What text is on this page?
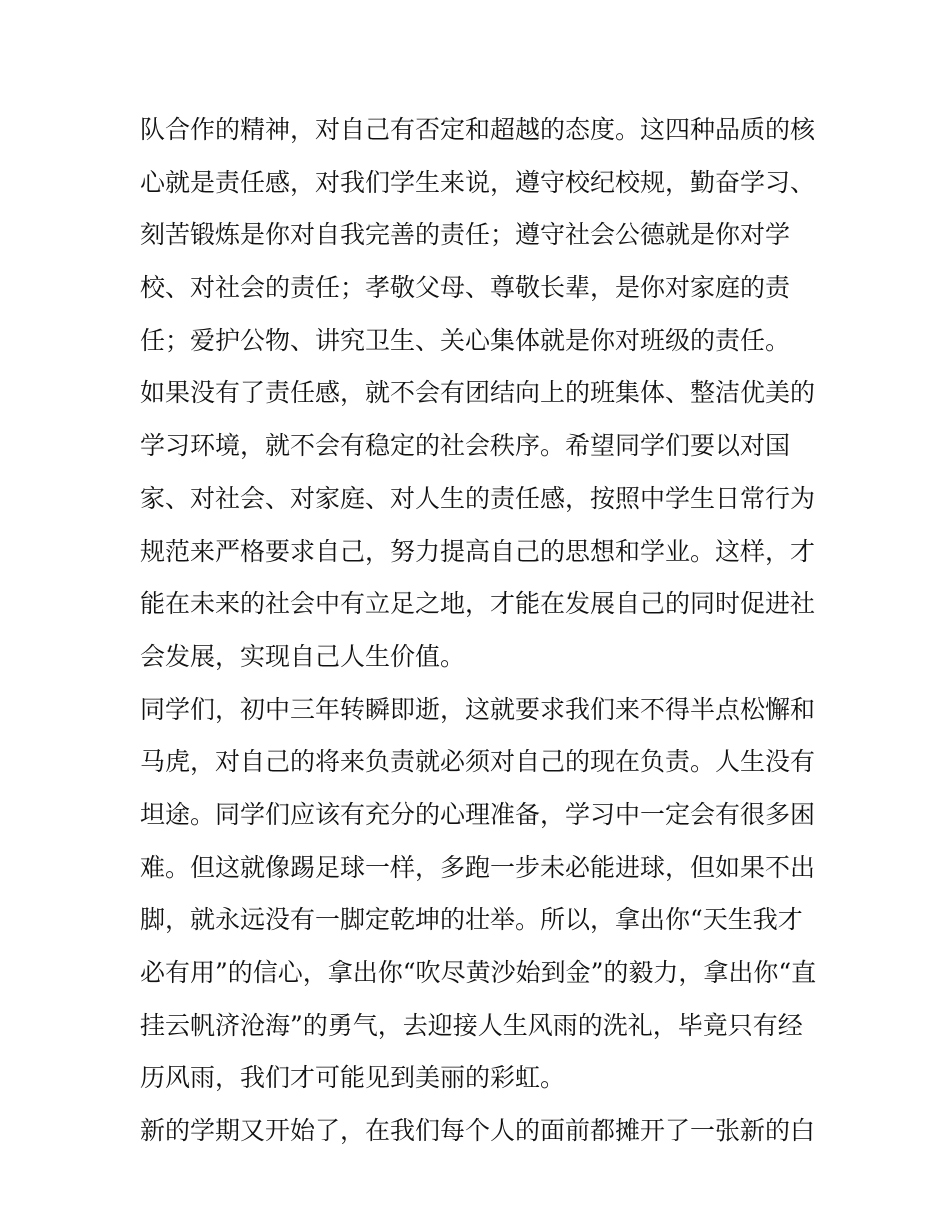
队合作的精神，对自己有否定和超越的态度。这四种品质的核
心就是责任感，对我们学生来说，遵守校纪校规，勤奋学习、
刻苦锻炼是你对自我完善的责任；遵守社会公德就是你对学
校、对社会的责任；孝敬父母、尊敬长辈，是你对家庭的责
任；爱护公物、讲究卫生、关心集体就是你对班级的责任。
如果没有了责任感，就不会有团结向上的班集体、整洁优美的
学习环境，就不会有稳定的社会秩序。希望同学们要以对国
家、对社会、对家庭、对人生的责任感，按照中学生日常行为
规范来严格要求自己，努力提高自己的思想和学业。这样，才
能在未来的社会中有立足之地，才能在发展自己的同时促进社
会发展，实现自己人生价值。
同学们，初中三年转瞬即逝，这就要求我们来不得半点松懈和
马虎，对自己的将来负责就必须对自己的现在负责。人生没有
坦途。同学们应该有充分的心理准备，学习中一定会有很多困
难。但这就像踢足球一样，多跑一步未必能进球，但如果不出
脚，就永远没有一脚定乾坤的壮举。所以，拿出你“天生我才
必有用”的信心，拿出你“吹尽黄沙始到金”的毅力，拿出你“直
挂云帆济沧海”的勇气，去迎接人生风雨的洗礼，毕竟只有经
历风雨，我们才可能见到美丽的彩虹。
新的学期又开始了，在我们每个人的面前都摊开了一张新的白
